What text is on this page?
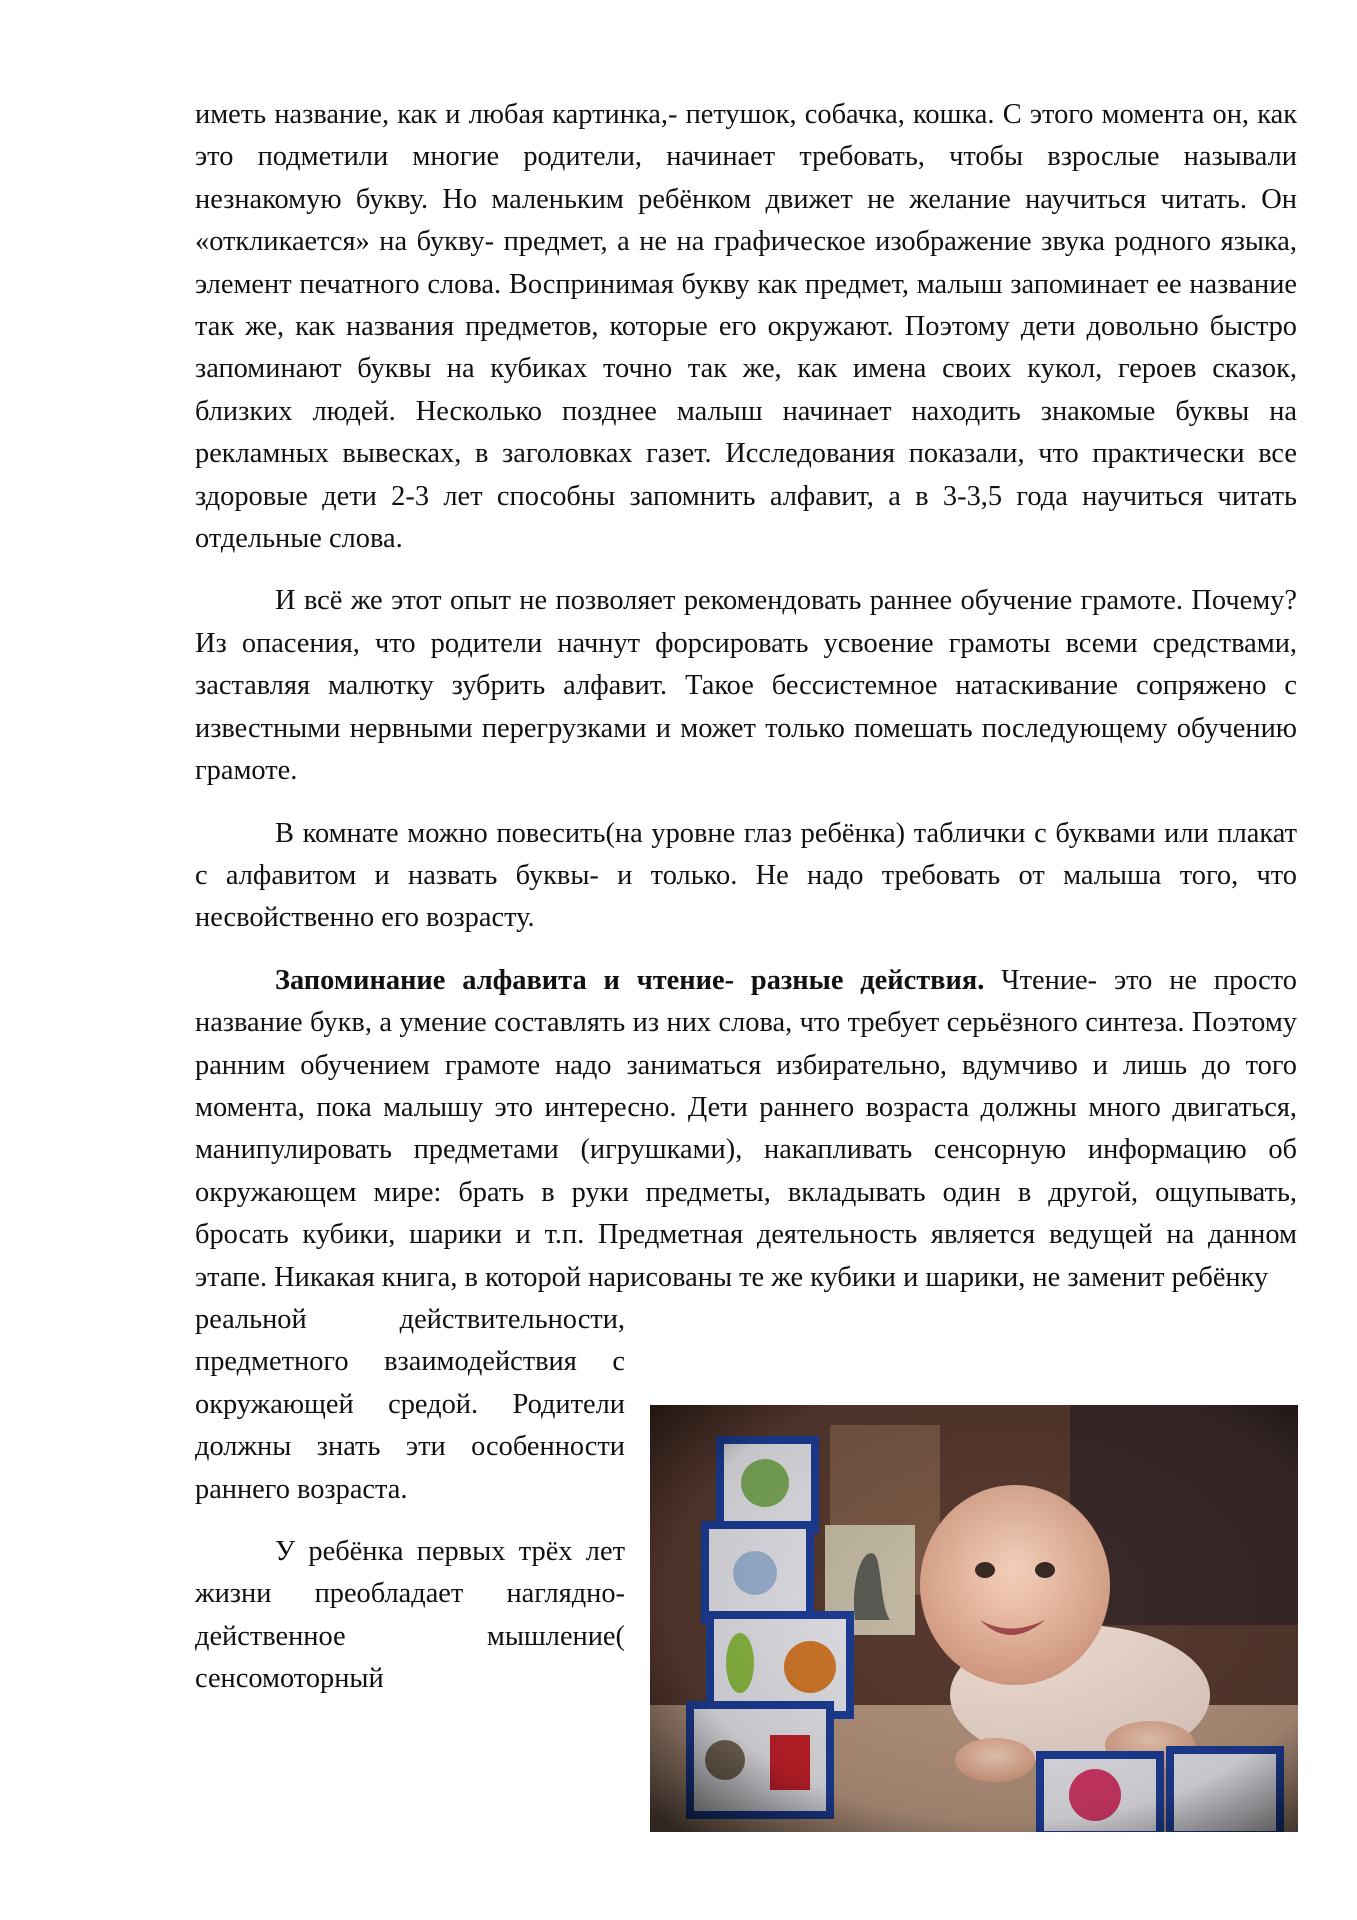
иметь название, как и любая картинка,- петушок, собачка, кошка. С этого момента он, как это подметили многие родители, начинает требовать, чтобы взрослые называли незнакомую букву. Но маленьким ребёнком движет не желание научиться читать. Он «откликается» на букву- предмет, а не на графическое изображение звука родного языка, элемент печатного слова. Воспринимая букву как предмет, малыш запоминает ее название так же, как названия предметов, которые его окружают. Поэтому дети довольно быстро запоминают буквы на кубиках точно так же, как имена своих кукол, героев сказок, близких людей. Несколько позднее малыш начинает находить знакомые буквы на рекламных вывесках, в заголовках газет. Исследования показали, что практически все здоровые дети 2-3 лет способны запомнить алфавит, а в 3-3,5 года научиться читать отдельные слова.

И всё же этот опыт не позволяет рекомендовать раннее обучение грамоте. Почему? Из опасения, что родители начнут форсировать усвоение грамоты всеми средствами, заставляя малютку зубрить алфавит. Такое бессистемное натаскивание сопряжено с известными нервными перегрузками и может только помешать последующему обучению грамоте.

В комнате можно повесить(на уровне глаз ребёнка) таблички с буквами или плакат с алфавитом и назвать буквы- и только. Не надо требовать от малыша того, что несвойственно его возрасту.

Запоминание алфавита и чтение- разные действия. Чтение- это не просто название букв, а умение составлять из них слова, что требует серьёзного синтеза. Поэтому ранним обучением грамоте надо заниматься избирательно, вдумчиво и лишь до того момента, пока малышу это интересно. Дети раннего возраста должны много двигаться, манипулировать предметами (игрушками), накапливать сенсорную информацию об окружающем мире: брать в руки предметы, вкладывать один в другой, ощупывать, бросать кубики, шарики и т.п. Предметная деятельность является ведущей на данном этапе. Никакая книга, в которой нарисованы те же кубики и шарики, не заменит ребёнку

реальной действительности, предметного взаимодействия с окружающей средой. Родители должны знать эти особенности раннего возраста.

У ребёнка первых трёх лет жизни преобладает наглядно- действенное мышление( сенсомоторный
